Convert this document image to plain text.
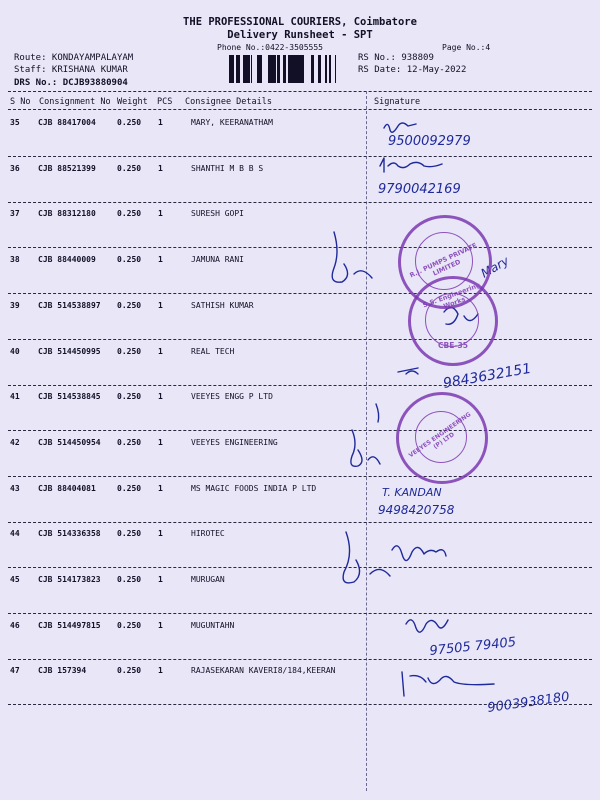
THE PROFESSIONAL COURIERS, Coimbatore
Delivery Runsheet - SPT
Phone No.:0422-3505555	Page No.:4
Route: KONDAYAMPALAYAM
Staff: KRISHANA KUMAR
DRS No.: DCJB93880904
RS No.: 938809
RS Date: 12-May-2022
S No Consignment No Weight PCS Consignee Details	Signature
35 CJB 88417004	0.250 1	MARY, KEERANATHAM
36 CJB 88521399	0.250 1	SHANTHI M B B S
37 CJB 88312180	0.250 1	SURESH GOPI
38 CJB 88440009	0.250 1	JAMUNA RANI
39 CJB 514538897 0.250 1	SATHISH KUMAR
40 CJB 514450995 0.250 1	REAL TECH
41 CJB 514538845 0.250 1	VEEYES ENGG P LTD
42 CJB 514450954 0.250 1	VEEYES ENGINEERING
43 CJB 88404081	0.250 1	MS MAGIC FOODS INDIA P LTD
44 CJB 514336358 0.250 1	HIROTEC
45 CJB 514173823 0.250 1	MURUGAN
46 CJB 514497815 0.250 1	MUGUNTAHN
47 CJB 157394	0.250 1	RAJASEKARAN KAVERI8/184,KEERAN
9500092979
9790042169
Mary
9843632151
T. KANDAN
9498420758
97505 79405
9003938180
R.J. PUMPS PRIVATE LIMITED
S.S. Engineering Works
CBE-35
VEEYES ENGINEERING (P) LTD
